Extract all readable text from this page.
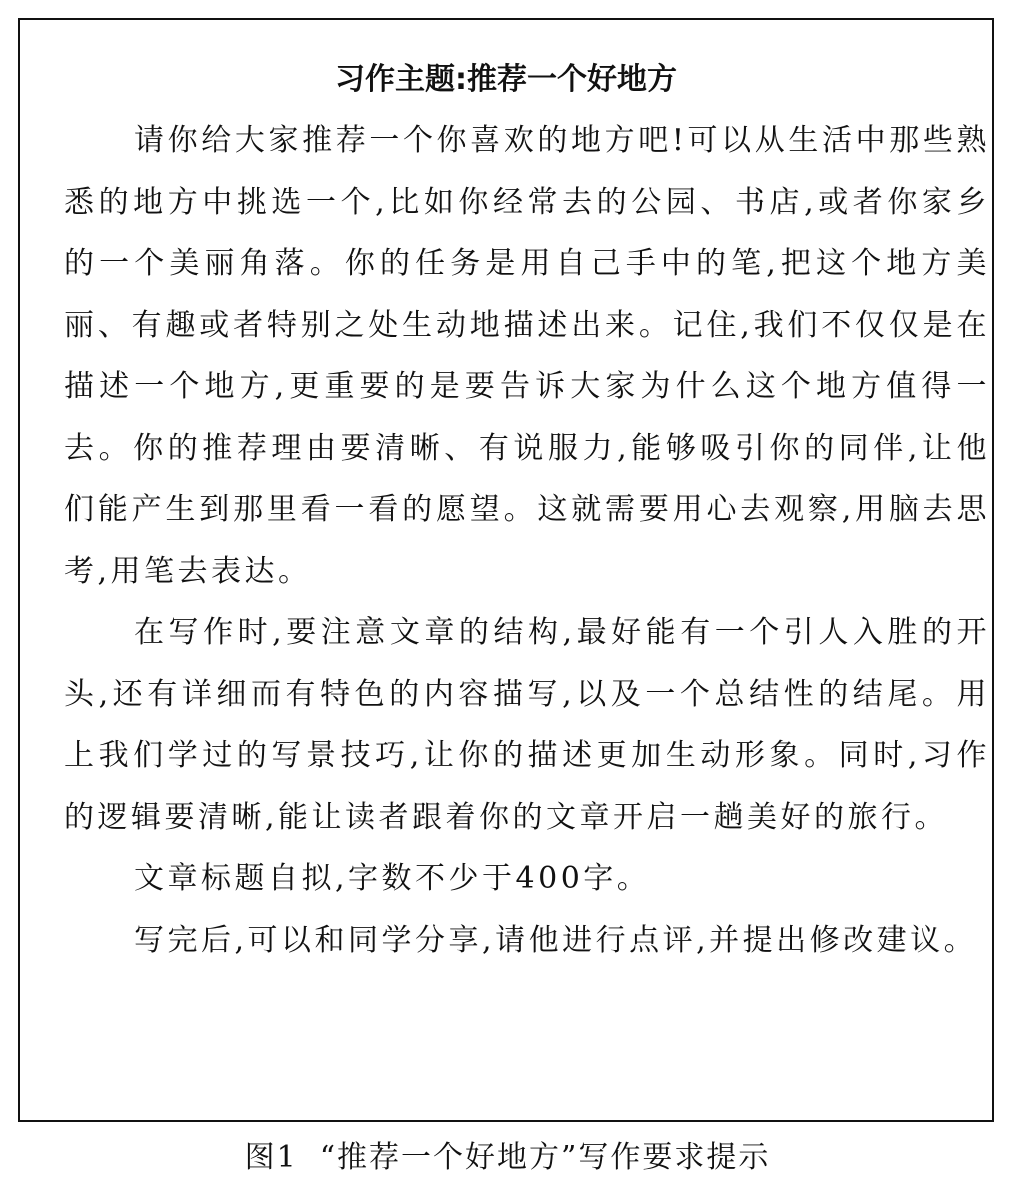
习作主题:推荐一个好地方

请你给大家推荐一个你喜欢的地方吧!可以从生活中那些熟悉的地方中挑选一个,比如你经常去的公园、书店,或者你家乡的一个美丽角落。你的任务是用自己手中的笔,把这个地方美丽、有趣或者特别之处生动地描述出来。记住,我们不仅仅是在描述一个地方,更重要的是要告诉大家为什么这个地方值得一去。你的推荐理由要清晰、有说服力,能够吸引你的同伴,让他们能产生到那里看一看的愿望。这就需要用心去观察,用脑去思考,用笔去表达。

在写作时,要注意文章的结构,最好能有一个引人入胜的开头,还有详细而有特色的内容描写,以及一个总结性的结尾。用上我们学过的写景技巧,让你的描述更加生动形象。同时,习作的逻辑要清晰,能让读者跟着你的文章开启一趟美好的旅行。

文章标题自拟,字数不少于400字。

写完后,可以和同学分享,请他进行点评,并提出修改建议。

图1 “推荐一个好地方”写作要求提示
